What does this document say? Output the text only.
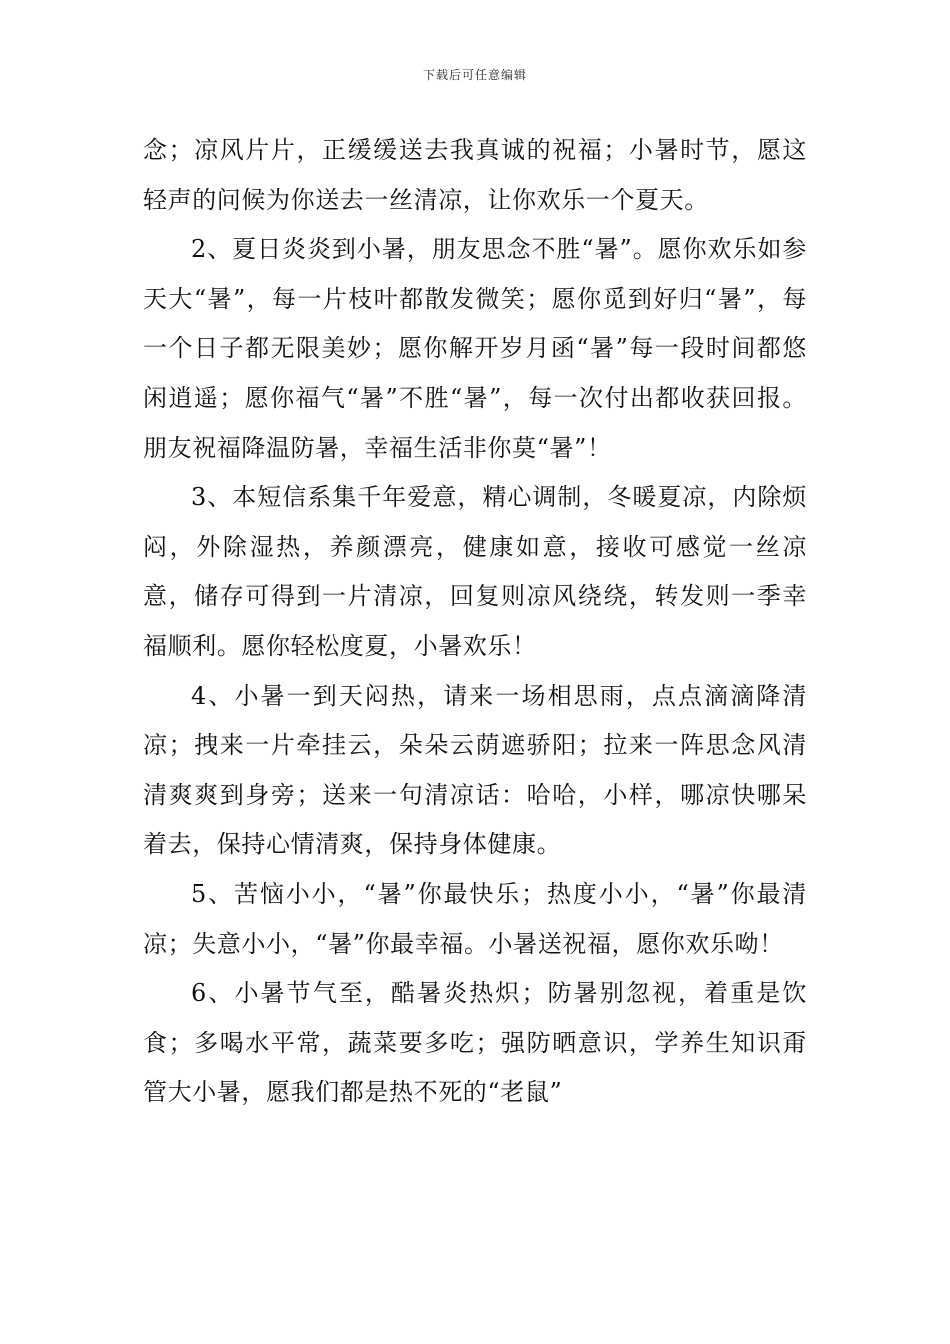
下载后可任意编辑

念；凉风片片，正缓缓送去我真诚的祝福；小暑时节，愿这轻声的问候为你送去一丝清凉，让你欢乐一个夏天。

2、夏日炎炎到小暑，朋友思念不胜“暑”。愿你欢乐如参天大“暑”，每一片枝叶都散发微笑；愿你觅到好归“暑”，每一个日子都无限美妙；愿你解开岁月函“暑”每一段时间都悠闲逍遥；愿你福气“暑”不胜“暑”，每一次付出都收获回报。朋友祝福降温防暑，幸福生活非你莫“暑”！

3、本短信系集千年爱意，精心调制，冬暖夏凉，内除烦闷，外除湿热，养颜漂亮，健康如意，接收可感觉一丝凉意，储存可得到一片清凉，回复则凉风绕绕，转发则一季幸福顺利。愿你轻松度夏，小暑欢乐！

4、小暑一到天闷热，请来一场相思雨，点点滴滴降清凉；拽来一片牵挂云，朵朵云荫遮骄阳；拉来一阵思念风清清爽爽到身旁；送来一句清凉话：哈哈，小样，哪凉快哪呆着去，保持心情清爽，保持身体健康。

5、苦恼小小，“暑”你最快乐；热度小小，“暑”你最清凉；失意小小，“暑”你最幸福。小暑送祝福，愿你欢乐呦！

6、小暑节气至，酷暑炎热炽；防暑别忽视，着重是饮食；多喝水平常，蔬菜要多吃；强防晒意识，学养生知识甭管大小暑，愿我们都是热不死的“老鼠”
